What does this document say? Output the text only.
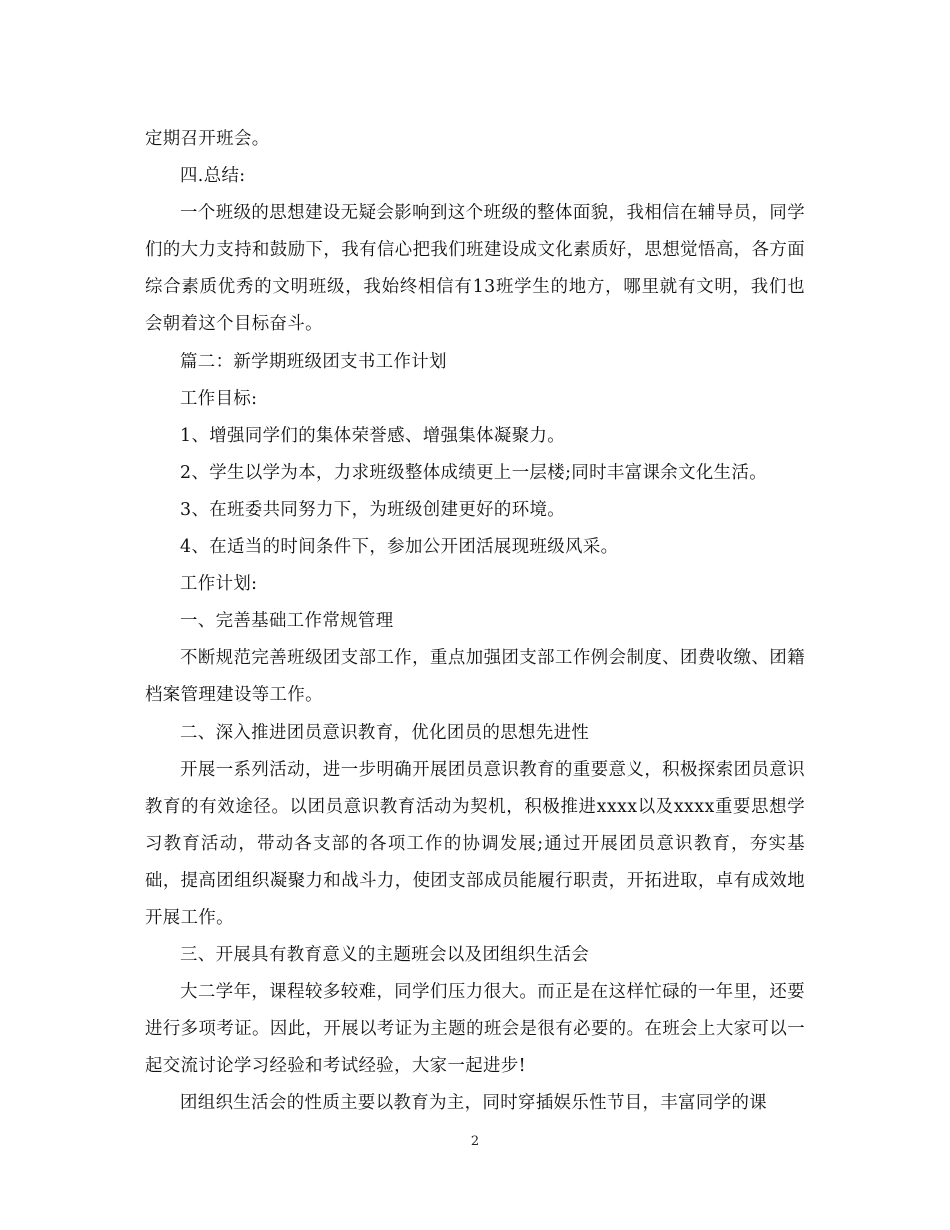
定期召开班会。

四.总结:

一个班级的思想建设无疑会影响到这个班级的整体面貌，我相信在辅导员，同学们的大力支持和鼓励下，我有信心把我们班建设成文化素质好，思想觉悟高，各方面综合素质优秀的文明班级，我始终相信有13班学生的地方，哪里就有文明，我们也会朝着这个目标奋斗。

篇二：新学期班级团支书工作计划

工作目标:

1、增强同学们的集体荣誉感、增强集体凝聚力。

2、学生以学为本，力求班级整体成绩更上一层楼;同时丰富课余文化生活。

3、在班委共同努力下，为班级创建更好的环境。

4、在适当的时间条件下，参加公开团活展现班级风采。

工作计划:

一、完善基础工作常规管理

不断规范完善班级团支部工作，重点加强团支部工作例会制度、团费收缴、团籍档案管理建设等工作。

二、深入推进团员意识教育，优化团员的思想先进性

开展一系列活动，进一步明确开展团员意识教育的重要意义，积极探索团员意识教育的有效途径。以团员意识教育活动为契机，积极推进xxxx以及xxxx重要思想学习教育活动，带动各支部的各项工作的协调发展;通过开展团员意识教育，夯实基础，提高团组织凝聚力和战斗力，使团支部成员能履行职责，开拓进取，卓有成效地开展工作。

三、开展具有教育意义的主题班会以及团组织生活会

大二学年，课程较多较难，同学们压力很大。而正是在这样忙碌的一年里，还要进行多项考证。因此，开展以考证为主题的班会是很有必要的。在班会上大家可以一起交流讨论学习经验和考试经验，大家一起进步!

团组织生活会的性质主要以教育为主，同时穿插娱乐性节目，丰富同学的课

2
